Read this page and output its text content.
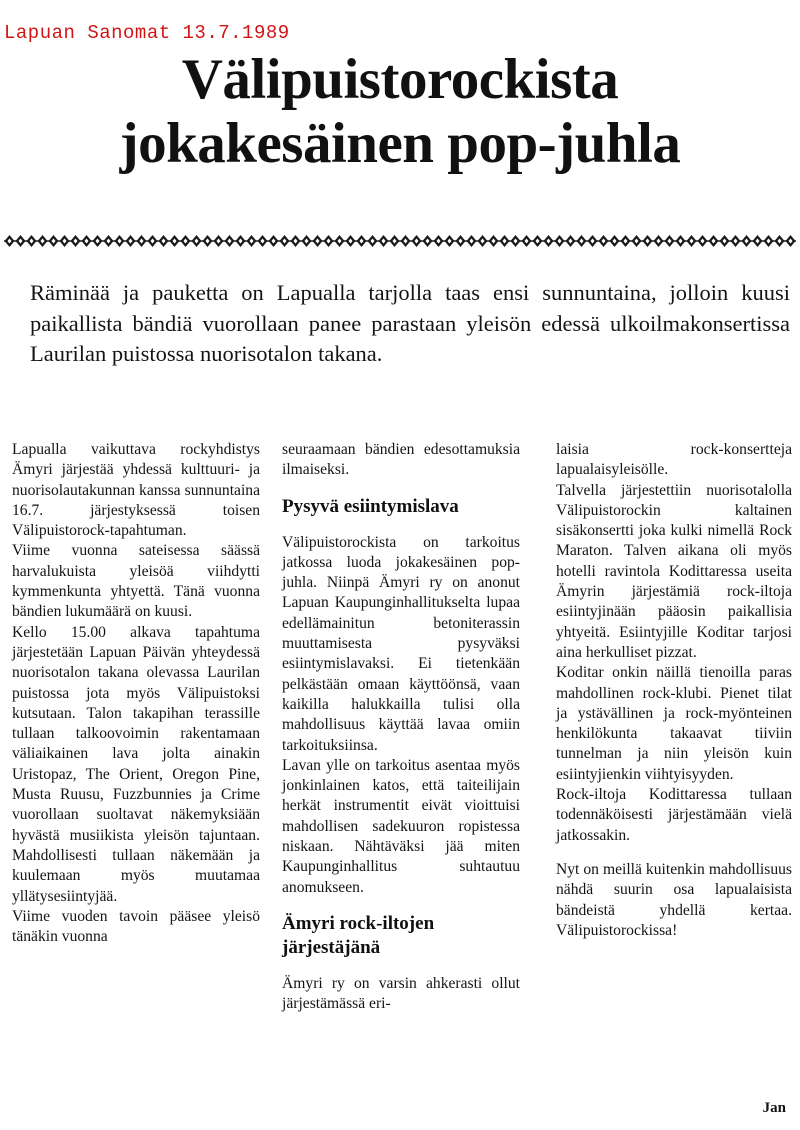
Lapuan Sanomat 13.7.1989
Välipuistorockista
jokakesäinen pop-juhla
Räminää ja pauketta on Lapualla tarjolla taas ensi sunnuntaina, jolloin kuusi paikallista bändiä vuorollaan panee parastaan yleisön edessä ulkoilmakonsertissa Laurilan puistossa nuorisotalon takana.

Lapualla vaikuttava rockyhdistys Ämyri järjestää yhdessä kulttuuri- ja nuorisolautakunnan kanssa sunnuntaina 16.7. järjestyksessä toisen Välipuistorock-tapahtuman.

Viime vuonna sateisessa säässä harvalukuista yleisöä viihdytti kymmenkunta yhtyettä. Tänä vuonna bändien lukumäärä on kuusi.

Kello 15.00 alkava tapahtuma järjestetään Lapuan Päivän yhteydessä nuorisotalon takana olevassa Laurilan puistossa jota myös Välipuistoksi kutsutaan. Talon takapihan terassille tullaan talkoovoimin rakentamaan väliaikainen lava jolta ainakin Uristopaz, The Orient, Oregon Pine, Musta Ruusu, Fuzzbunnies ja Crime vuorollaan suoltavat näkemyksiään hyvästä musiikista yleisön tajuntaan. Mahdollisesti tullaan näkemään ja kuulemaan myös muutamaa yllätysesiintyjää.

Viime vuoden tavoin pääsee yleisö tänäkin vuonna

seuraamaan bändien edesottamuksia ilmaiseksi.

Pysyvä esiintymislava

Välipuistorockista on tarkoitus jatkossa luoda jokakesäinen pop-juhla. Niinpä Ämyri ry on anonut Lapuan Kaupunginhallitukselta lupaa edellämainitun betoniterassin muuttamisesta pysyväksi esiintymislavaksi. Ei tietenkään pelkästään omaan käyttöönsä, vaan kaikilla halukkailla tulisi olla mahdollisuus käyttää lavaa omiin tarkoituksiinsa.

Lavan ylle on tarkoitus asentaa myös jonkinlainen katos, että taiteilijain herkät instrumentit eivät vioittuisi mahdollisen sadekuuron ropistessa niskaan. Nähtäväksi jää miten Kaupunginhallitus suhtautuu anomukseen.

Ämyri rock-iltojen järjestäjänä

Ämyri ry on varsin ahkerasti ollut järjestämässä eri-

laisia rock-konsertteja lapualaisyleisölle.

Talvella järjestettiin nuorisotalolla Välipuistorockin kaltainen sisäkonsertti joka kulki nimellä Rock Maraton. Talven aikana oli myös hotelli ravintola Kodittaressa useita Ämyrin järjestämiä rock-iltoja esiintyjinään pääosin paikallisia yhtyeitä. Esiintyjille Koditar tarjosi aina herkulliset pizzat.

Koditar onkin näillä tienoilla paras mahdollinen rock-klubi. Pienet tilat ja ystävällinen ja rock-myönteinen henkilökunta takaavat tiiviin tunnelman ja niin yleisön kuin esiintyjienkin viihtyisyyden.

Rock-iltoja Kodittaressa tullaan todennäköisesti järjestämään vielä jatkossakin.

Nyt on meillä kuitenkin mahdollisuus nähdä suurin osa lapualaisista bändeistä yhdellä kertaa. Välipuistorockissa!

Jan
